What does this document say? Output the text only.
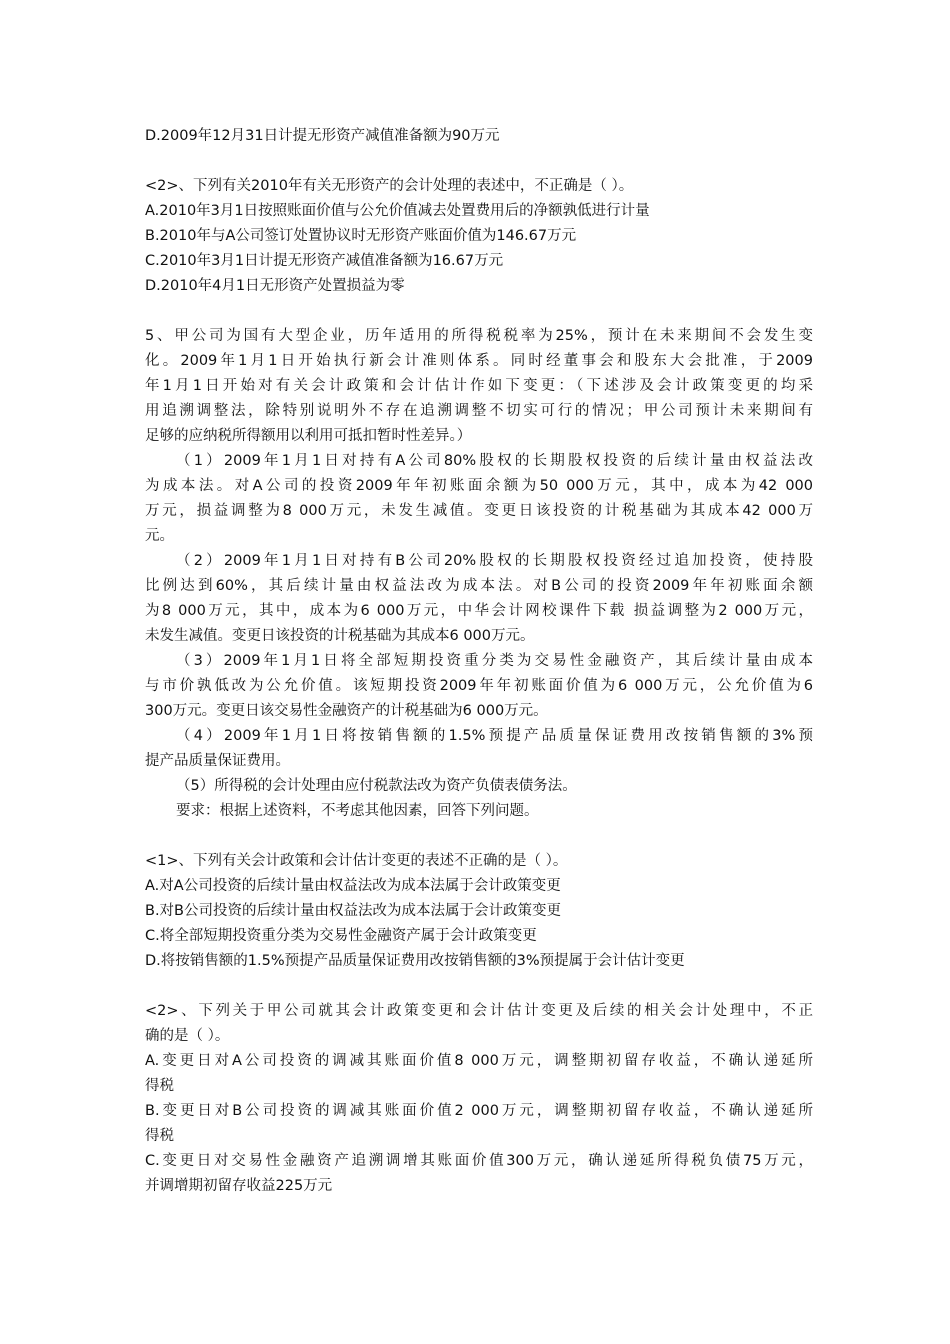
D.2009年12月31日计提无形资产减值准备额为90万元
<2>、下列有关2010年有关无形资产的会计处理的表述中，不正确是（ ）。
A.2010年3月1日按照账面价值与公允价值减去处置费用后的净额孰低进行计量
B.2010年与A公司签订处置协议时无形资产账面价值为146.67万元
C.2010年3月1日计提无形资产减值准备额为16.67万元
D.2010年4月1日无形资产处置损益为零
5、甲公司为国有大型企业，历年适用的所得税税率为25%，预计在未来期间不会发生变
化。2009年1月1日开始执行新会计准则体系。同时经董事会和股东大会批准，于2009
年1月1日开始对有关会计政策和会计估计作如下变更：（下述涉及会计政策变更的均采
用追溯调整法，除特别说明外不存在追溯调整不切实可行的情况；甲公司预计未来期间有
足够的应纳税所得额用以利用可抵扣暂时性差异。）
（1）2009年1月1日对持有A公司80%股权的长期股权投资的后续计量由权益法改
为成本法。对A公司的投资2009年年初账面余额为50 000万元，其中，成本为42 000
万元，损益调整为8 000万元，未发生减值。变更日该投资的计税基础为其成本42 000万
元。
（2）2009年1月1日对持有B公司20%股权的长期股权投资经过追加投资，使持股
比例达到60%，其后续计量由权益法改为成本法。对B公司的投资2009年年初账面余额
为8 000万元，其中，成本为6 000万元，中华会计网校课件下载 损益调整为2 000万元，
未发生减值。变更日该投资的计税基础为其成本6 000万元。
（3）2009年1月1日将全部短期投资重分类为交易性金融资产，其后续计量由成本
与市价孰低改为公允价值。该短期投资2009年年初账面价值为6 000万元，公允价值为6
300万元。变更日该交易性金融资产的计税基础为6 000万元。
（4）2009年1月1日将按销售额的1.5%预提产品质量保证费用改按销售额的3%预
提产品质量保证费用。
（5）所得税的会计处理由应付税款法改为资产负债表债务法。
要求：根据上述资料，不考虑其他因素，回答下列问题。
<1>、下列有关会计政策和会计估计变更的表述不正确的是（ ）。
A.对A公司投资的后续计量由权益法改为成本法属于会计政策变更
B.对B公司投资的后续计量由权益法改为成本法属于会计政策变更
C.将全部短期投资重分类为交易性金融资产属于会计政策变更
D.将按销售额的1.5%预提产品质量保证费用改按销售额的3%预提属于会计估计变更
<2>、下列关于甲公司就其会计政策变更和会计估计变更及后续的相关会计处理中，不正
确的是（ ）。
A.变更日对A公司投资的调减其账面价值8 000万元，调整期初留存收益，不确认递延所
得税
B.变更日对B公司投资的调减其账面价值2 000万元，调整期初留存收益，不确认递延所
得税
C.变更日对交易性金融资产追溯调增其账面价值300万元，确认递延所得税负债75万元，
并调增期初留存收益225万元
